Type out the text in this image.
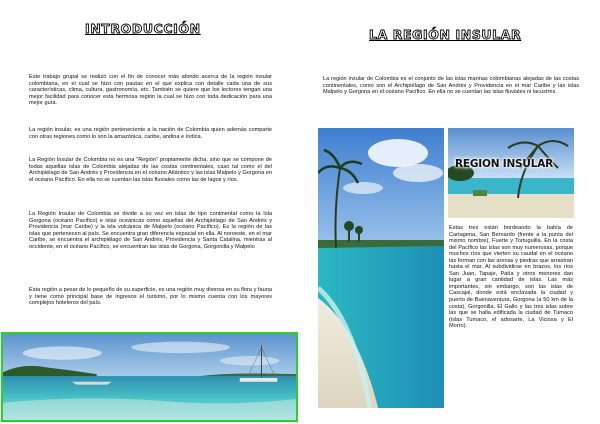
INTRODUCCIÓN

Este trabajo grupal se realizó con el fin de conocer más afondo acerca de la región insular colombiana, en el cual se hizo con pautas en el que explica con detalle cada una de sus características, clima, cultura, gastronomía, etc. También se quiere que los lectores tengan una mejor facilidad para conocer esta hermosa región la cual se hizo con toda dedicación para una mejor guía.

La región insular, es una región perteneciente a la nación de Colombia quien además comparte con otras regiones como lo son la amazónica, caribe, andina e índica.

La Región Insular de Colombia no es una "Región" propiamente dicha, sino que se compone de todas aquellas islas de Colombia alejadas de las costas continentales, caso tal como el del Archipiélago de San Andrés y Providencia en el océano Atlántico y las islas Malpelo y Gorgona en el océano Pacífico. En ella no se cuentan las islas fluviales como las de lagos y ríos.

La Región Insular de Colombia se divide a su vez en islas de tipo continental como la Isla Gorgona (océano Pacífico) e islas oceánicas como aquellas del Archipiélago de San Andrés y Providencia (mar Caribe) y la isla volcánica de Malpelo (océano Pacífico). Es la región de las islas que pertenecen al país. Se encuentra gran diferencia espacial en ella. Al noroeste, en el mar Caribe, se encuentra el archipiélago de San Andrés, Providencia y Santa Catalina, mientras al occidente, en el océano Pacífico, se encuentran las islas de Gorgona, Gorgonilla y Malpelo

Esta región a pesar de lo pequeño de su superficie, es una región muy diversa en su flora y fauna y tiene como principal base de ingresos el turismo, por lo mismo cuenta con los mayores complejos hoteleros del país.

LA REGIÓN INSULAR

La región insular de Colombia es el conjunto de las islas marinas colombianas alejadas de las costas continentales, como son el Archipiélago de San Andrés y Providencia en el mar Caribe y las islas Malpelo y Gorgona en el océano Pacífico. En ella no se cuentan las islas fluviales ni lacustres.

REGION INSULAR

Estas tres están bordeando la bahía de Cartagena, San Bernardo (frente a la punta del mismo nombre), Fuerte y Tortuguilla. En la costa del Pacífico las islas son muy numerosas, porque muchos ríos que vierten su caudal en el océano las forman con las arenas y piedras que arrastran hasta el mar. Al subdividirse en brazos, los ríos San Juan, Tapaje, Patía y otros menores dan lugar a gran cantidad de islas. Las más importantes, sin embargo, son las islas de Cascajal, donde está enclavada la ciudad y puerto de Buenaventura, Gorgona (a 50 km de la costa), Gorgonilla, El Gallo y las tres islas sobre las que se halla edificada la ciudad de Tumaco (islas Tumaco, el adosarte, La Viciosa y El Morro).
